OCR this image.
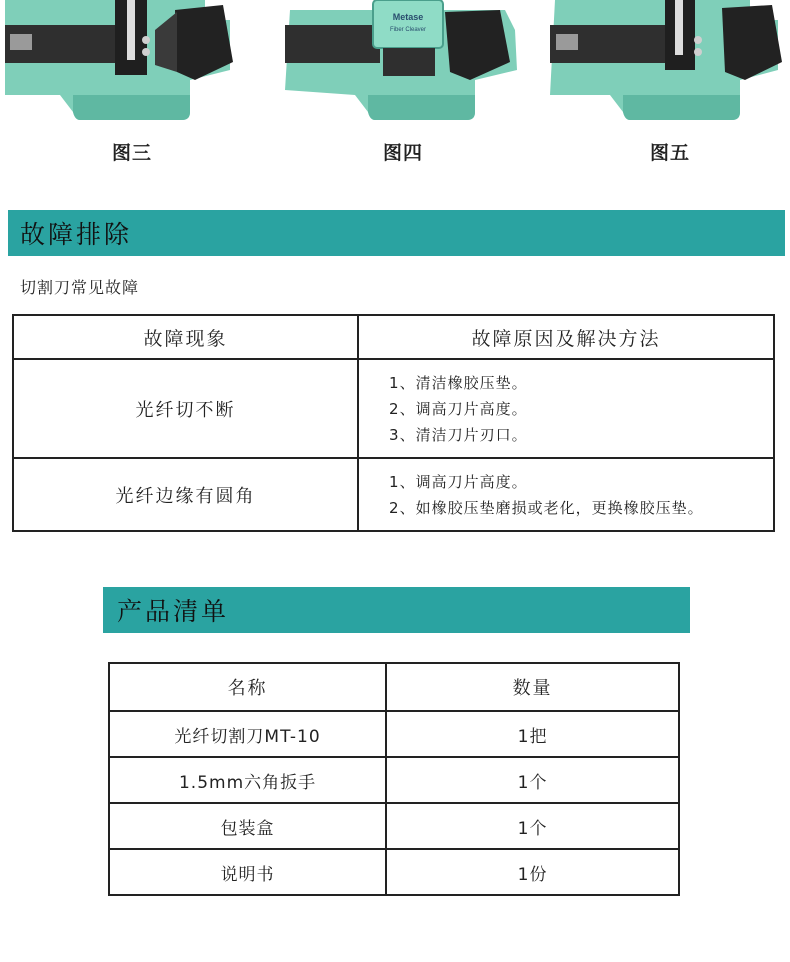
图三
Metase
Fiber Cleaver
图四	图五
故障排除
切割刀常见故障
故障现象	故障原因及解决方法
光纤切不断	1、清洁橡胶压垫。
2、调高刀片高度。
3、清洁刀片刃口。

光纤边缘有圆角	1、调高刀片高度。
2、如橡胶压垫磨损或老化，更换橡胶压垫。
产品清单
名称	数量
光纤切割刀MT-10	1把
1.5mm六角扳手	1个
包装盒	1个
说明书	1份
